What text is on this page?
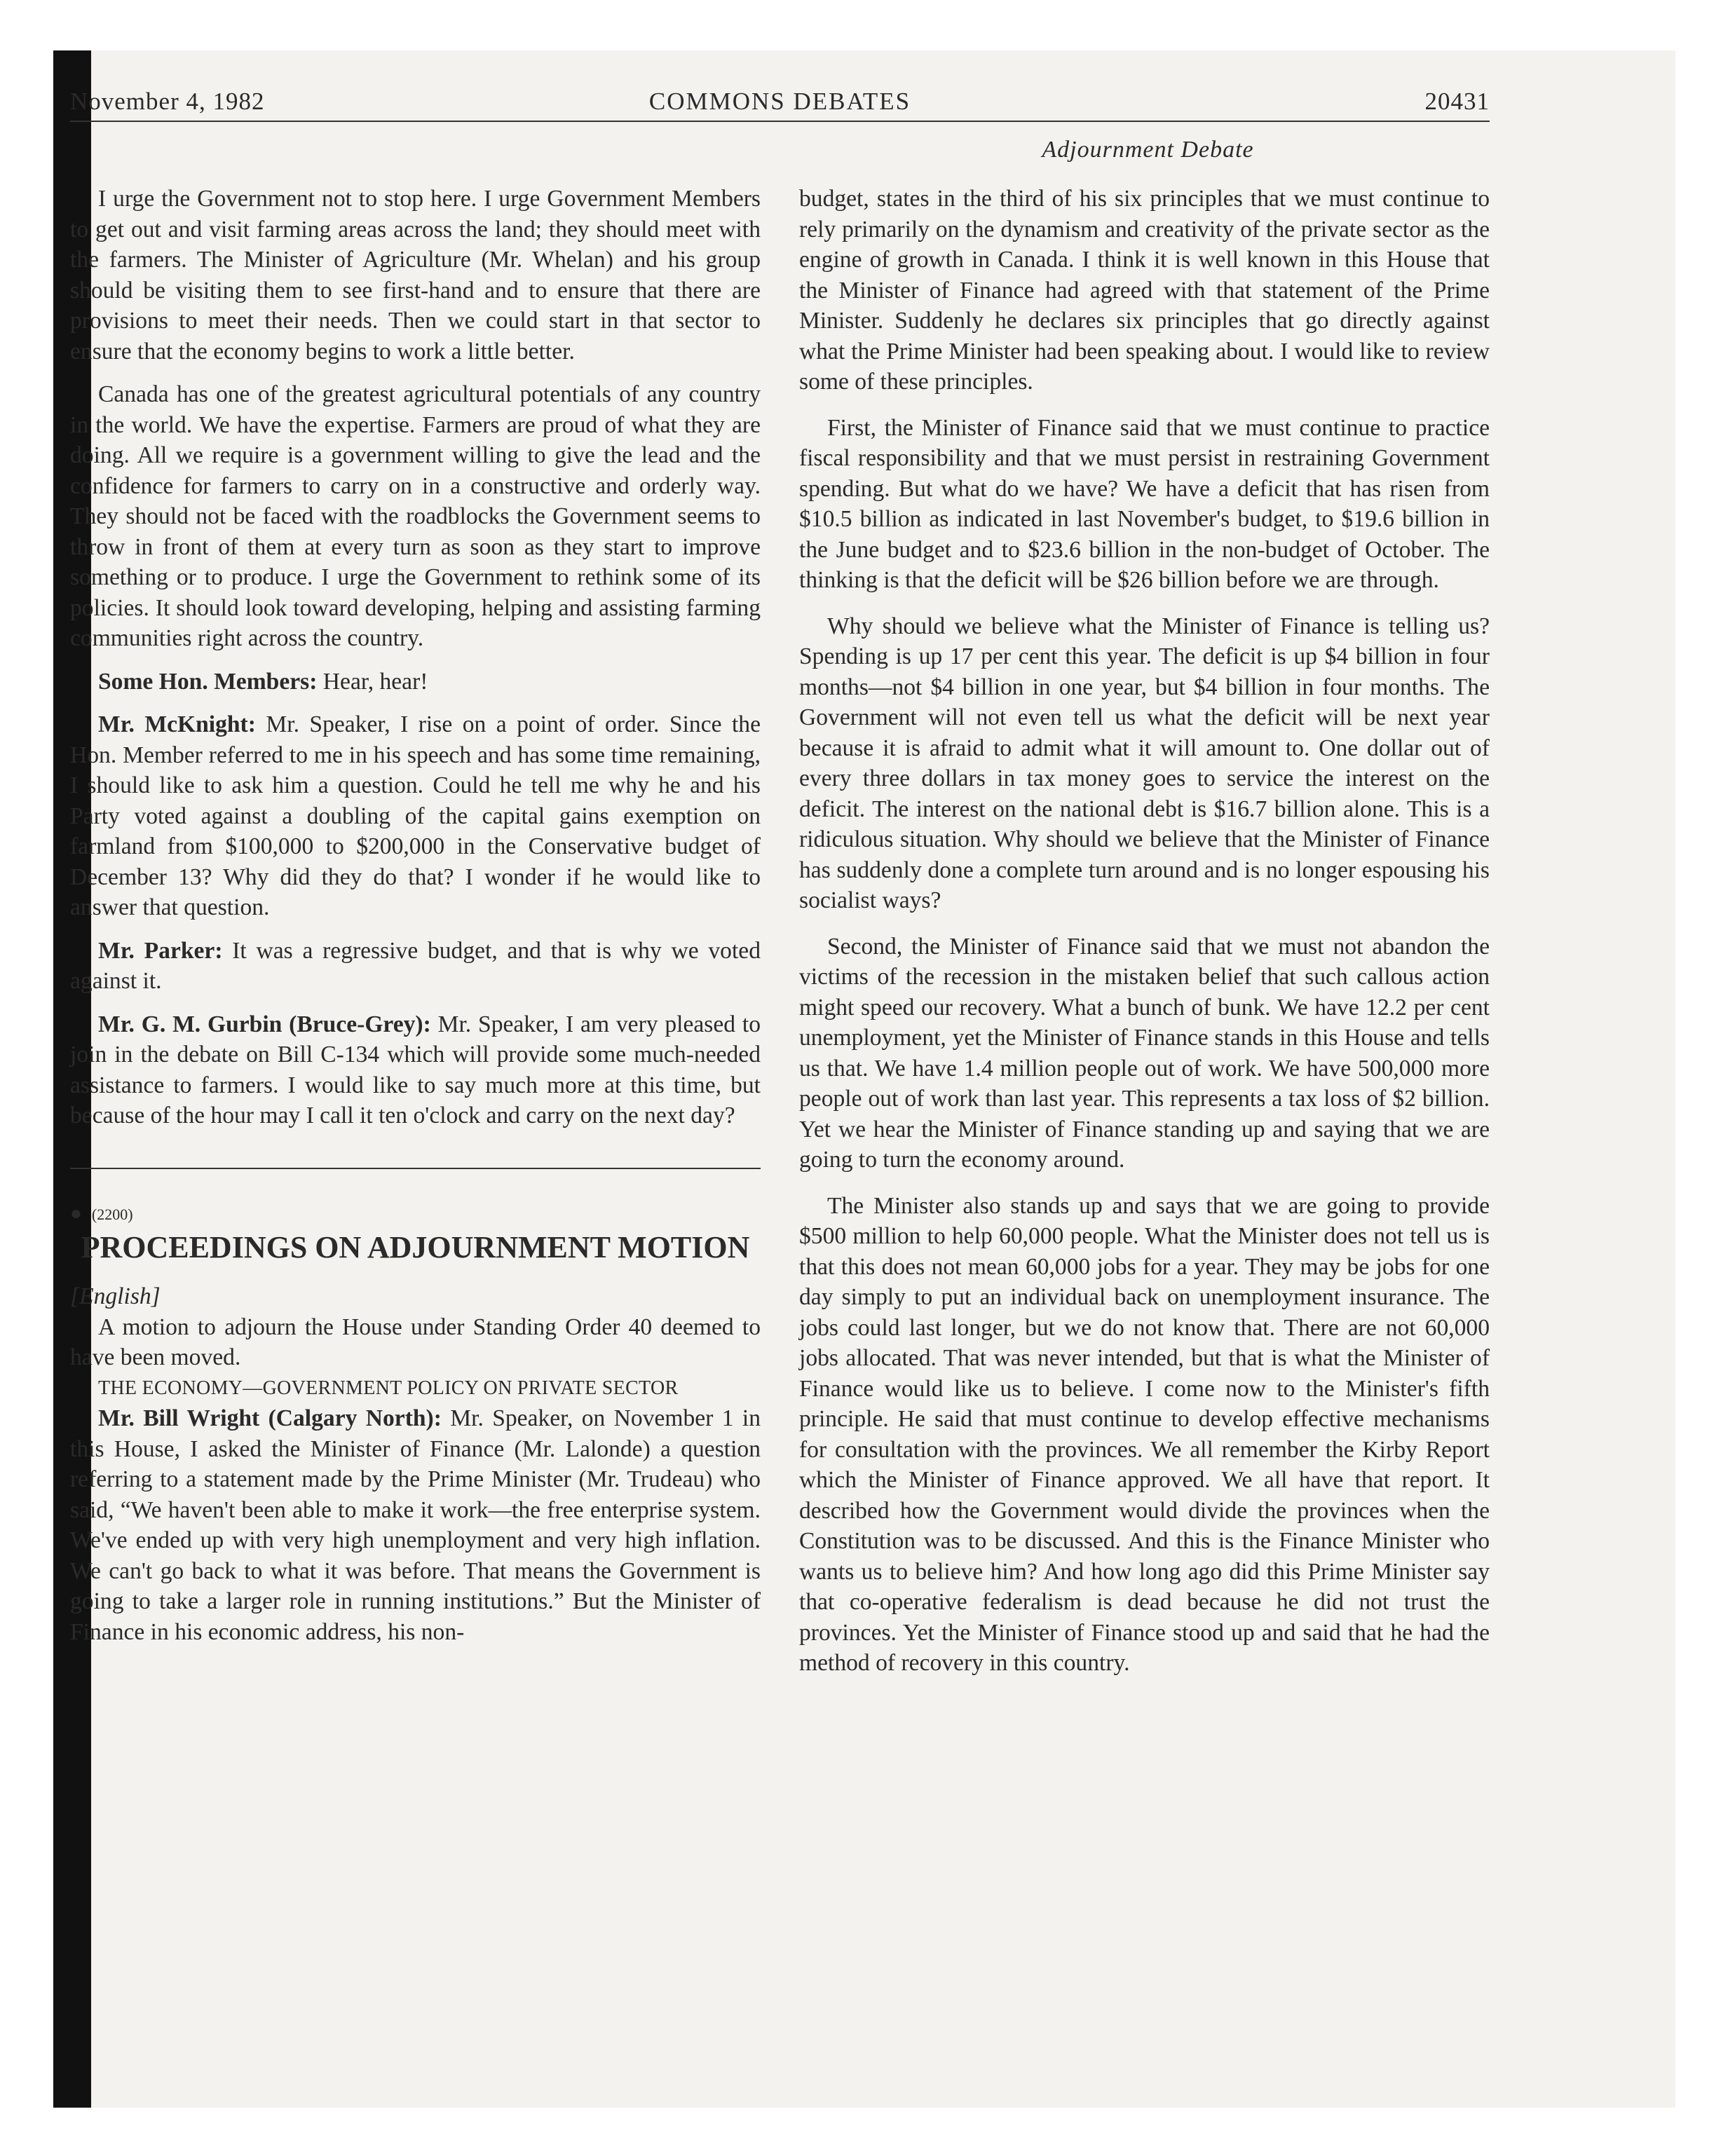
November 4, 1982	COMMONS DEBATES	20431
Adjournment Debate

I urge the Government not to stop here. I urge Government Members to get out and visit farming areas across the land; they should meet with the farmers. The Minister of Agriculture (Mr. Whelan) and his group should be visiting them to see first-hand and to ensure that there are provisions to meet their needs. Then we could start in that sector to ensure that the economy begins to work a little better.

Canada has one of the greatest agricultural potentials of any country in the world. We have the expertise. Farmers are proud of what they are doing. All we require is a government willing to give the lead and the confidence for farmers to carry on in a constructive and orderly way. They should not be faced with the roadblocks the Government seems to throw in front of them at every turn as soon as they start to improve something or to produce. I urge the Government to rethink some of its policies. It should look toward developing, helping and assisting farming communities right across the country.

Some Hon. Members: Hear, hear!

Mr. McKnight: Mr. Speaker, I rise on a point of order. Since the Hon. Member referred to me in his speech and has some time remaining, I should like to ask him a question. Could he tell me why he and his Party voted against a doubling of the capital gains exemption on farmland from $100,000 to $200,000 in the Conservative budget of December 13? Why did they do that? I wonder if he would like to answer that question.

Mr. Parker: It was a regressive budget, and that is why we voted against it.

Mr. G. M. Gurbin (Bruce-Grey): Mr. Speaker, I am very pleased to join in the debate on Bill C-134 which will provide some much-needed assistance to farmers. I would like to say much more at this time, but because of the hour may I call it ten o'clock and carry on the next day?

● (2200)

PROCEEDINGS ON ADJOURNMENT MOTION

[English]

A motion to adjourn the House under Standing Order 40 deemed to have been moved.

THE ECONOMY—GOVERNMENT POLICY ON PRIVATE SECTOR

Mr. Bill Wright (Calgary North): Mr. Speaker, on November 1 in this House, I asked the Minister of Finance (Mr. Lalonde) a question referring to a statement made by the Prime Minister (Mr. Trudeau) who said, “We haven't been able to make it work—the free enterprise system. We've ended up with very high unemployment and very high inflation. We can't go back to what it was before. That means the Government is going to take a larger role in running institutions.” But the Minister of Finance in his economic address, his non-

budget, states in the third of his six principles that we must continue to rely primarily on the dynamism and creativity of the private sector as the engine of growth in Canada. I think it is well known in this House that the Minister of Finance had agreed with that statement of the Prime Minister. Suddenly he declares six principles that go directly against what the Prime Minister had been speaking about. I would like to review some of these principles.

First, the Minister of Finance said that we must continue to practice fiscal responsibility and that we must persist in restraining Government spending. But what do we have? We have a deficit that has risen from $10.5 billion as indicated in last November's budget, to $19.6 billion in the June budget and to $23.6 billion in the non-budget of October. The thinking is that the deficit will be $26 billion before we are through.

Why should we believe what the Minister of Finance is telling us? Spending is up 17 per cent this year. The deficit is up $4 billion in four months—not $4 billion in one year, but $4 billion in four months. The Government will not even tell us what the deficit will be next year because it is afraid to admit what it will amount to. One dollar out of every three dollars in tax money goes to service the interest on the deficit. The interest on the national debt is $16.7 billion alone. This is a ridiculous situation. Why should we believe that the Minister of Finance has suddenly done a complete turn around and is no longer espousing his socialist ways?

Second, the Minister of Finance said that we must not abandon the victims of the recession in the mistaken belief that such callous action might speed our recovery. What a bunch of bunk. We have 12.2 per cent unemployment, yet the Minister of Finance stands in this House and tells us that. We have 1.4 million people out of work. We have 500,000 more people out of work than last year. This represents a tax loss of $2 billion. Yet we hear the Minister of Finance standing up and saying that we are going to turn the economy around.

The Minister also stands up and says that we are going to provide $500 million to help 60,000 people. What the Minister does not tell us is that this does not mean 60,000 jobs for a year. They may be jobs for one day simply to put an individual back on unemployment insurance. The jobs could last longer, but we do not know that. There are not 60,000 jobs allocated. That was never intended, but that is what the Minister of Finance would like us to believe. I come now to the Minister's fifth principle. He said that must continue to develop effective mechanisms for consultation with the provinces. We all remember the Kirby Report which the Minister of Finance approved. We all have that report. It described how the Government would divide the provinces when the Constitution was to be discussed. And this is the Finance Minister who wants us to believe him? And how long ago did this Prime Minister say that co-operative federalism is dead because he did not trust the provinces. Yet the Minister of Finance stood up and said that he had the method of recovery in this country.
